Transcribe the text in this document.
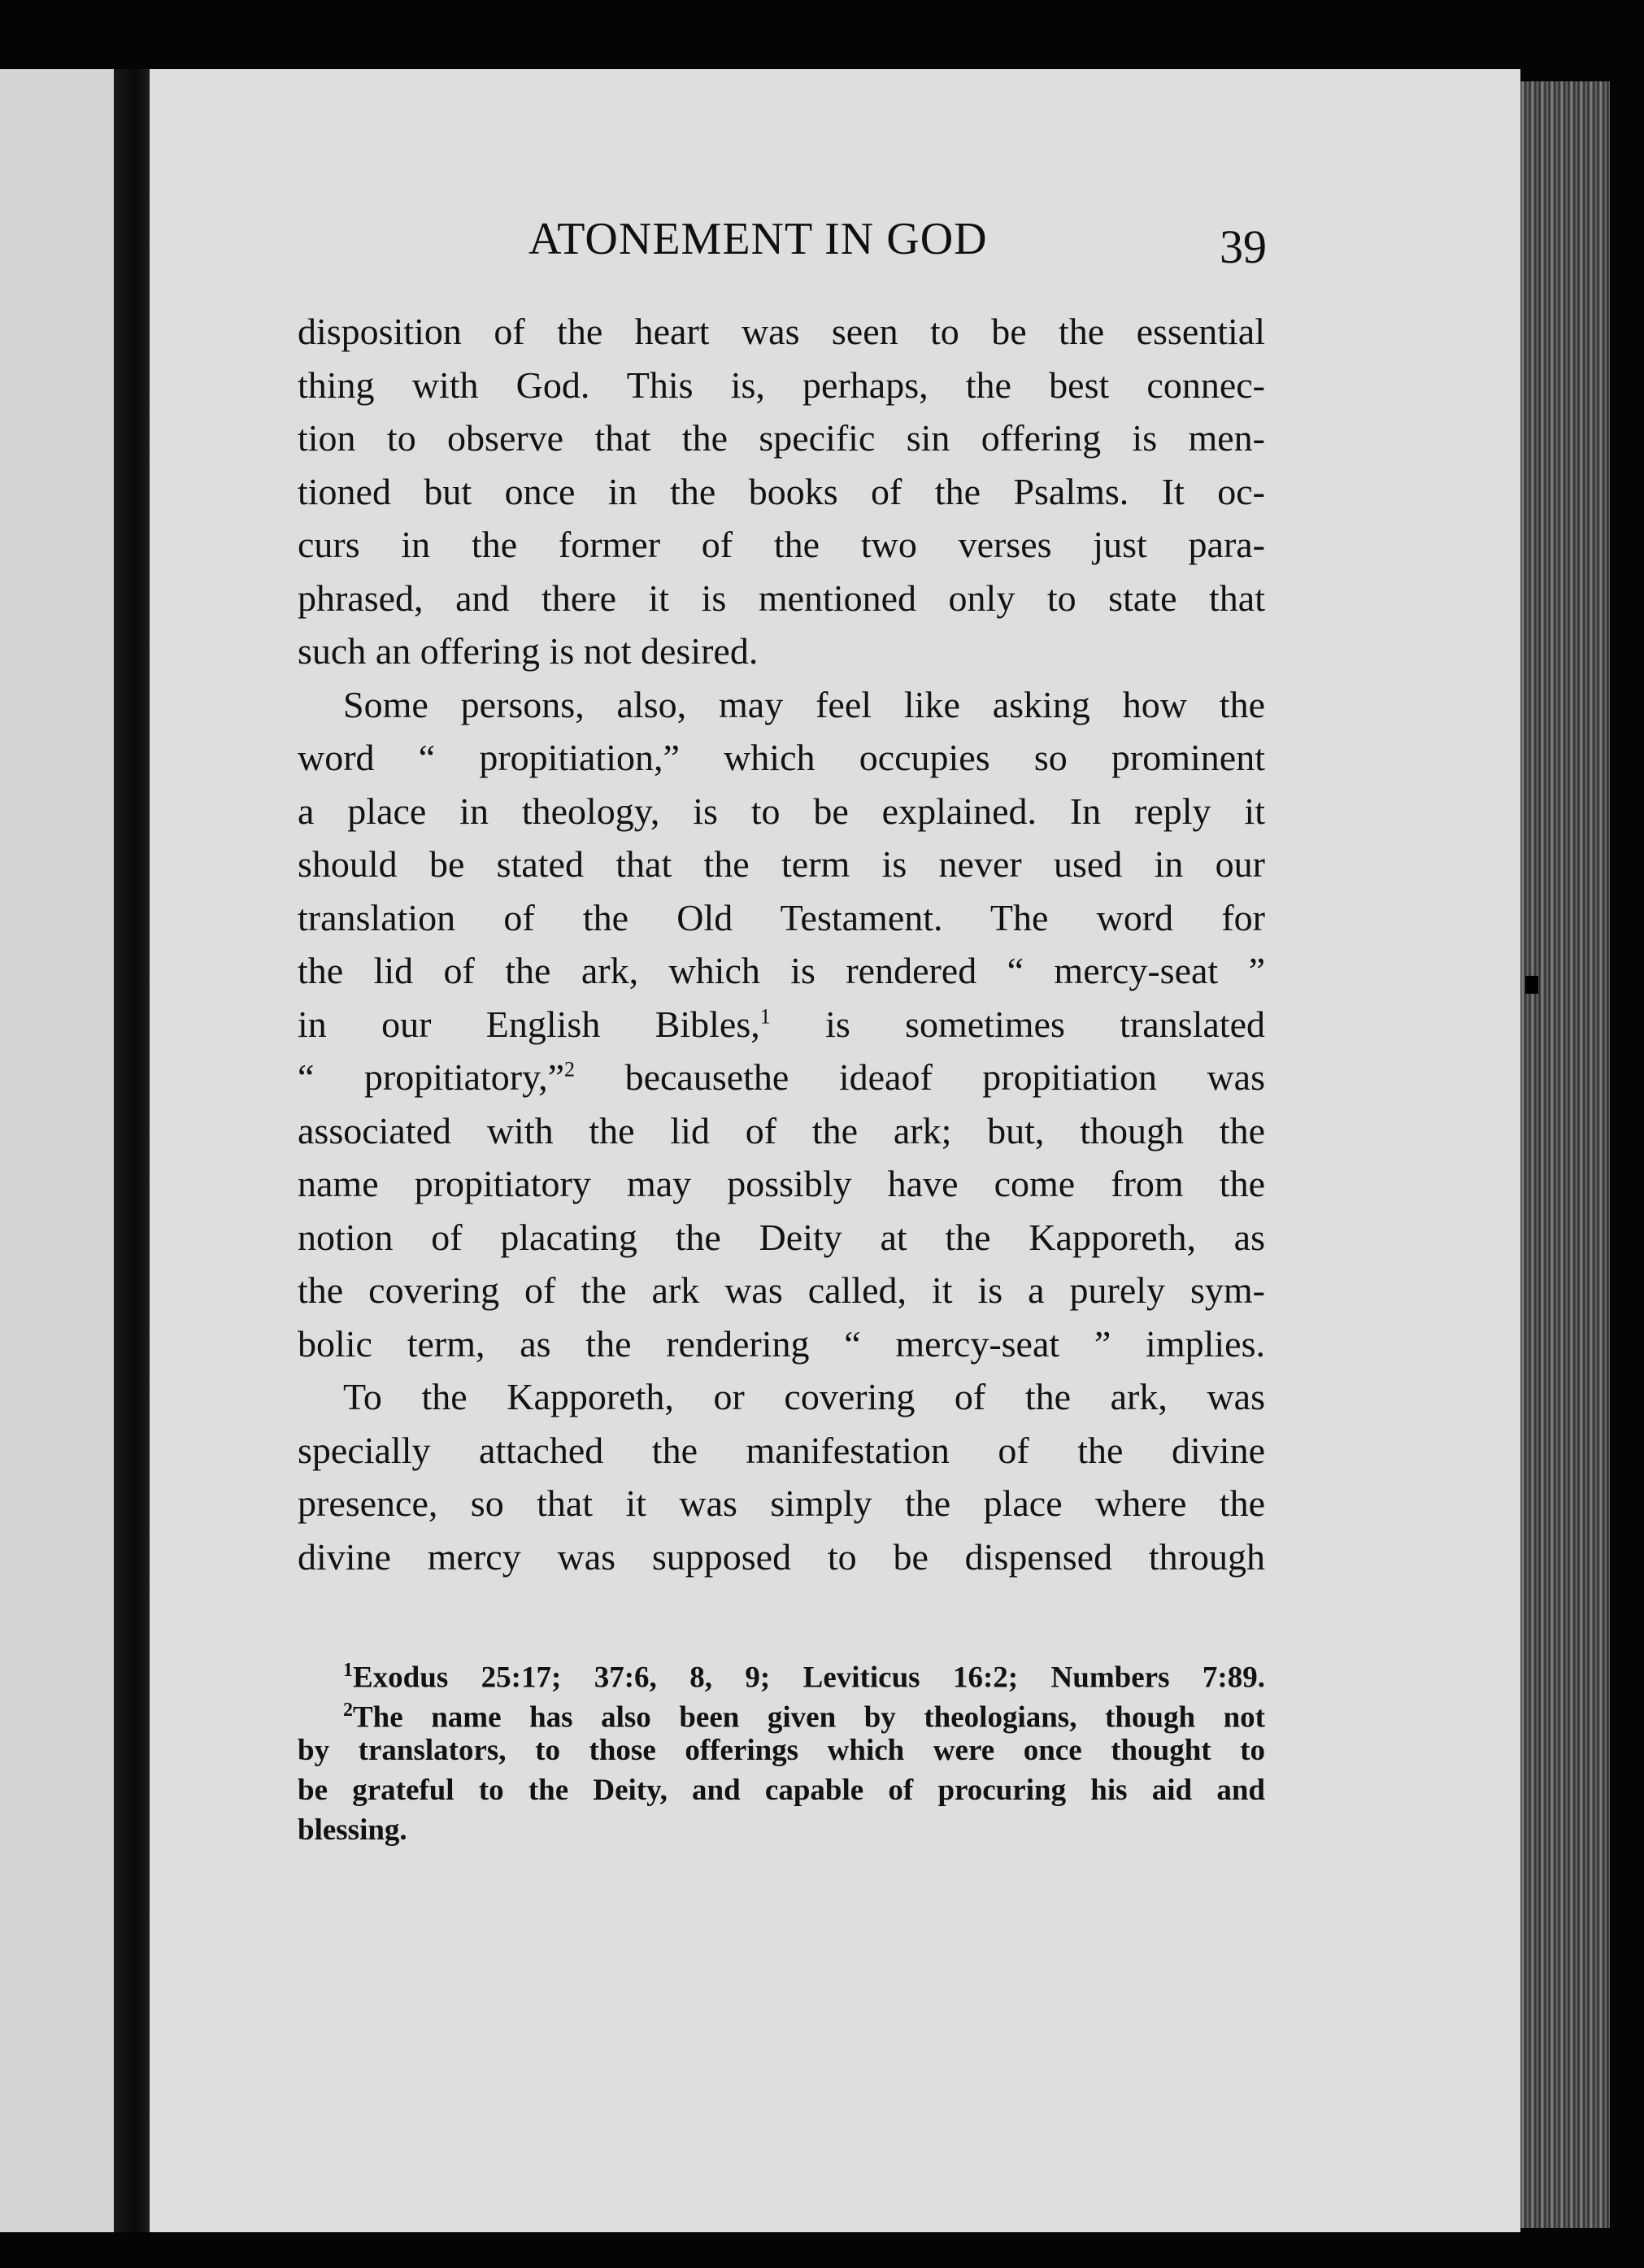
ATONEMENT IN GOD	39
disposition of the heart was seen to be the essential
thing with God. This is, perhaps, the best connec-
tion to observe that the specific sin offering is men-
tioned but once in the books of the Psalms. It oc-
curs in the former of the two verses just para-
phrased, and there it is mentioned only to state that
such an offering is not desired.
Some persons, also, may feel like asking how the
word “ propitiation,” which occupies so prominent
a place in theology, is to be explained. In reply it
should be stated that the term is never used in our
translation of the Old Testament. The word for
the lid of the ark, which is rendered “ mercy-seat ”
in our English Bibles,$^1$ is sometimes translated
“ propitiatory,”$^2$ becausethe ideaof propitiation was
associated with the lid of the ark; but, though the
name propitiatory may possibly have come from the
notion of placating the Deity at the Kapporeth, as
the covering of the ark was called, it is a purely sym-
bolic term, as the rendering “ mercy-seat ” implies.
To the Kapporeth, or covering of the ark, was
specially attached the manifestation of the divine
presence, so that it was simply the place where the
divine mercy was supposed to be dispensed through
$^1$Exodus 25:17; 37:6, 8, 9; Leviticus 16:2; Numbers 7:89.
$^2$The name has also been given by theologians, though not
by translators, to those offerings which were once thought to
be grateful to the Deity, and capable of procuring his aid and
blessing.
